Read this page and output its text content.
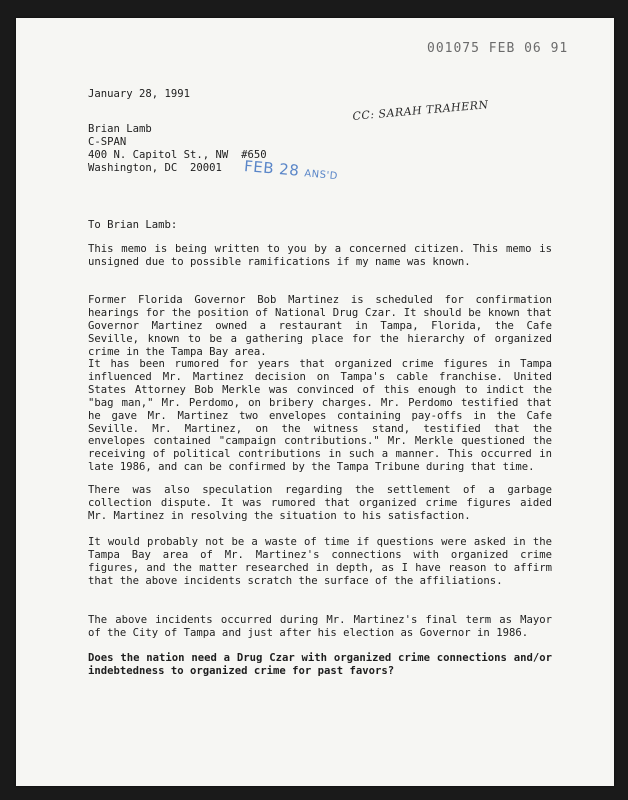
001075 FEB 06 91

January 28, 1991

Brian Lamb

C-SPAN

400 N. Capitol St., NW  #650

Washington, DC  20001

CC: SARAH TRAHERN
FEB 28 ANS'D

To Brian Lamb:

This memo is being written to you by a concerned citizen. This memo is unsigned due to possible ramifications if my name was known.

Former Florida Governor Bob Martinez is scheduled for confirmation hearings for the position of National Drug Czar. It should be known that Governor Martinez owned a restaurant in Tampa, Florida, the Cafe Seville, known to be a gathering place for the hierarchy of organized crime in the Tampa Bay area.

It has been rumored for years that organized crime figures in Tampa influenced Mr. Martinez decision on Tampa's cable franchise. United States Attorney Bob Merkle was convinced of this enough to indict the "bag man," Mr. Perdomo, on bribery charges. Mr. Perdomo testified that he gave Mr. Martinez two envelopes containing pay-offs in the Cafe Seville. Mr. Martinez, on the witness stand, testified that the envelopes contained "campaign contributions." Mr. Merkle questioned the receiving of political contributions in such a manner. This occurred in late 1986, and can be confirmed by the Tampa Tribune during that time.

There was also speculation regarding the settlement of a garbage collection dispute. It was rumored that organized crime figures aided Mr. Martinez in resolving the situation to his satisfaction.

It would probably not be a waste of time if questions were asked in the Tampa Bay area of Mr. Martinez's connections with organized crime figures, and the matter researched in depth, as I have reason to affirm that the above incidents scratch the surface of the affiliations.

The above incidents occurred during Mr. Martinez's final term as Mayor of the City of Tampa and just after his election as Governor in 1986.

Does the nation need a Drug Czar with organized crime connections and/or indebtedness to organized crime for past favors?
